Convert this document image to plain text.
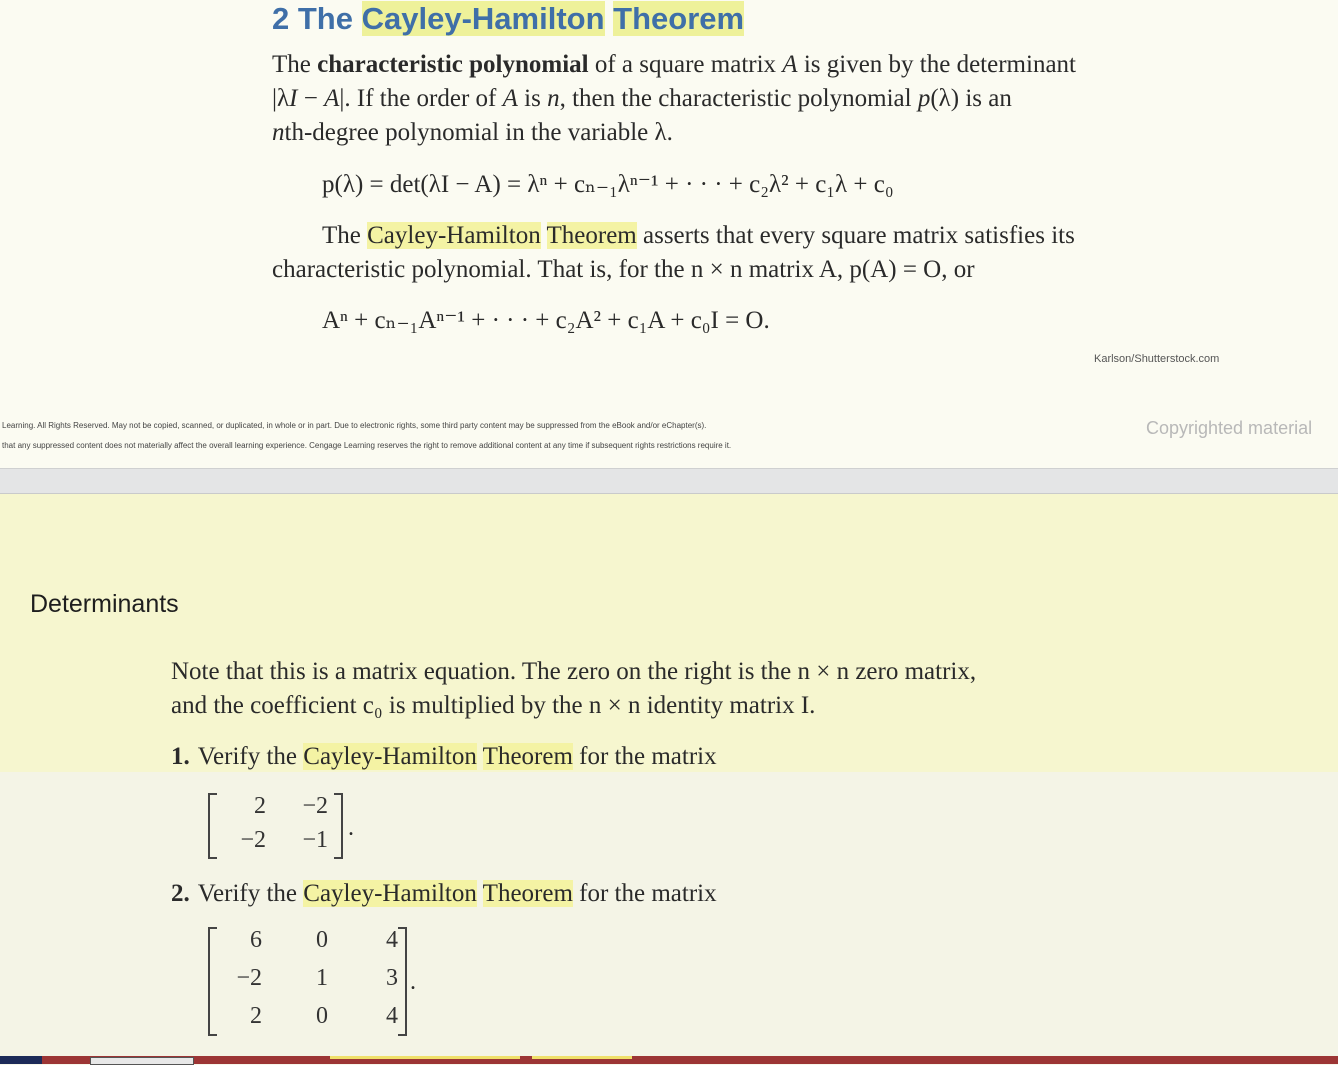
2 The Cayley-Hamilton Theorem

The characteristic polynomial of a square matrix A is given by the determinant
|λI − A|. If the order of A is n, then the characteristic polynomial p(λ) is an
nth-degree polynomial in the variable λ.

p(λ) = det(λI − A) = λⁿ + cₙ₋₁λⁿ⁻¹ + · · · + c₂λ² + c₁λ + c₀

The Cayley-Hamilton Theorem asserts that every square matrix satisfies its
characteristic polynomial. That is, for the n × n matrix A, p(A) = O, or

Aⁿ + cₙ₋₁Aⁿ⁻¹ + · · · + c₂A² + c₁A + c₀I = O.

Karlson/Shutterstock.com

Learning. All Rights Reserved. May not be copied, scanned, or duplicated, in whole or in part. Due to electronic rights, some third party content may be suppressed from the eBook and/or eChapter(s).

that any suppressed content does not materially affect the overall learning experience. Cengage Learning reserves the right to remove additional content at any time if subsequent rights restrictions require it.

Copyrighted material

Determinants

Note that this is a matrix equation. The zero on the right is the n × n zero matrix,

and the coefficient c₀ is multiplied by the n × n identity matrix I.

1. Verify the Cayley-Hamilton Theorem for the matrix

2	−2
−2	−1 .

2. Verify the Cayley-Hamilton Theorem for the matrix

6	0	4
−2	1	3
2	0	4
.
